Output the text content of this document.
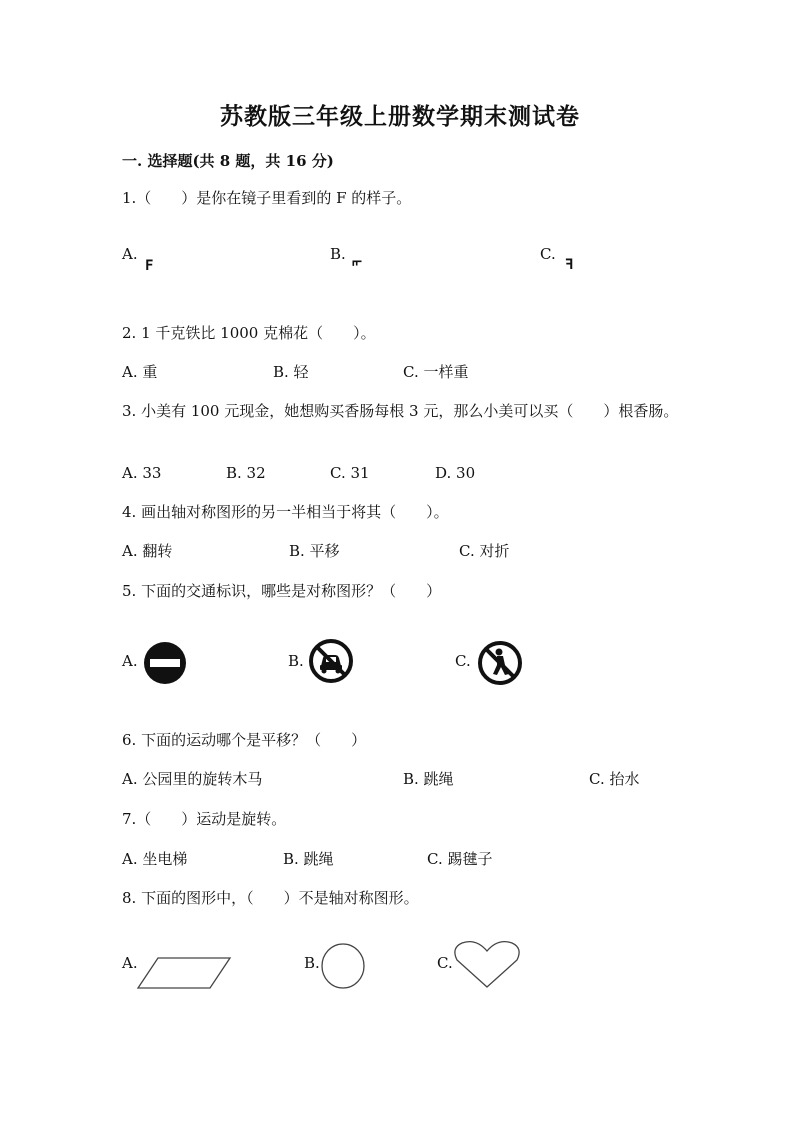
苏教版三年级上册数学期末测试卷
一. 选择题(共 8 题，共 16 分)
1.（　　）是你在镜子里看到的 F 的样子。
A.
F
B. F	C.
F
2. 1 千克铁比 1000 克棉花（　　）。
A. 重	B. 轻	C. 一样重
3. 小美有 100 元现金，她想购买香肠每根 3 元，那么小美可以买（　　）根香肠。
A. 33	B. 32	C. 31	D. 30
4. 画出轴对称图形的另一半相当于将其（　　）。
A. 翻转	B. 平移	C. 对折
5. 下面的交通标识，哪些是对称图形？（　　）
A.	B.	C.
6. 下面的运动哪个是平移？（　　）
A. 公园里的旋转木马	B. 跳绳	C. 抬水
7.（　　）运动是旋转。
A. 坐电梯	B. 跳绳	C. 踢毽子
8. 下面的图形中，（　　）不是轴对称图形。
A.	B.	C.
